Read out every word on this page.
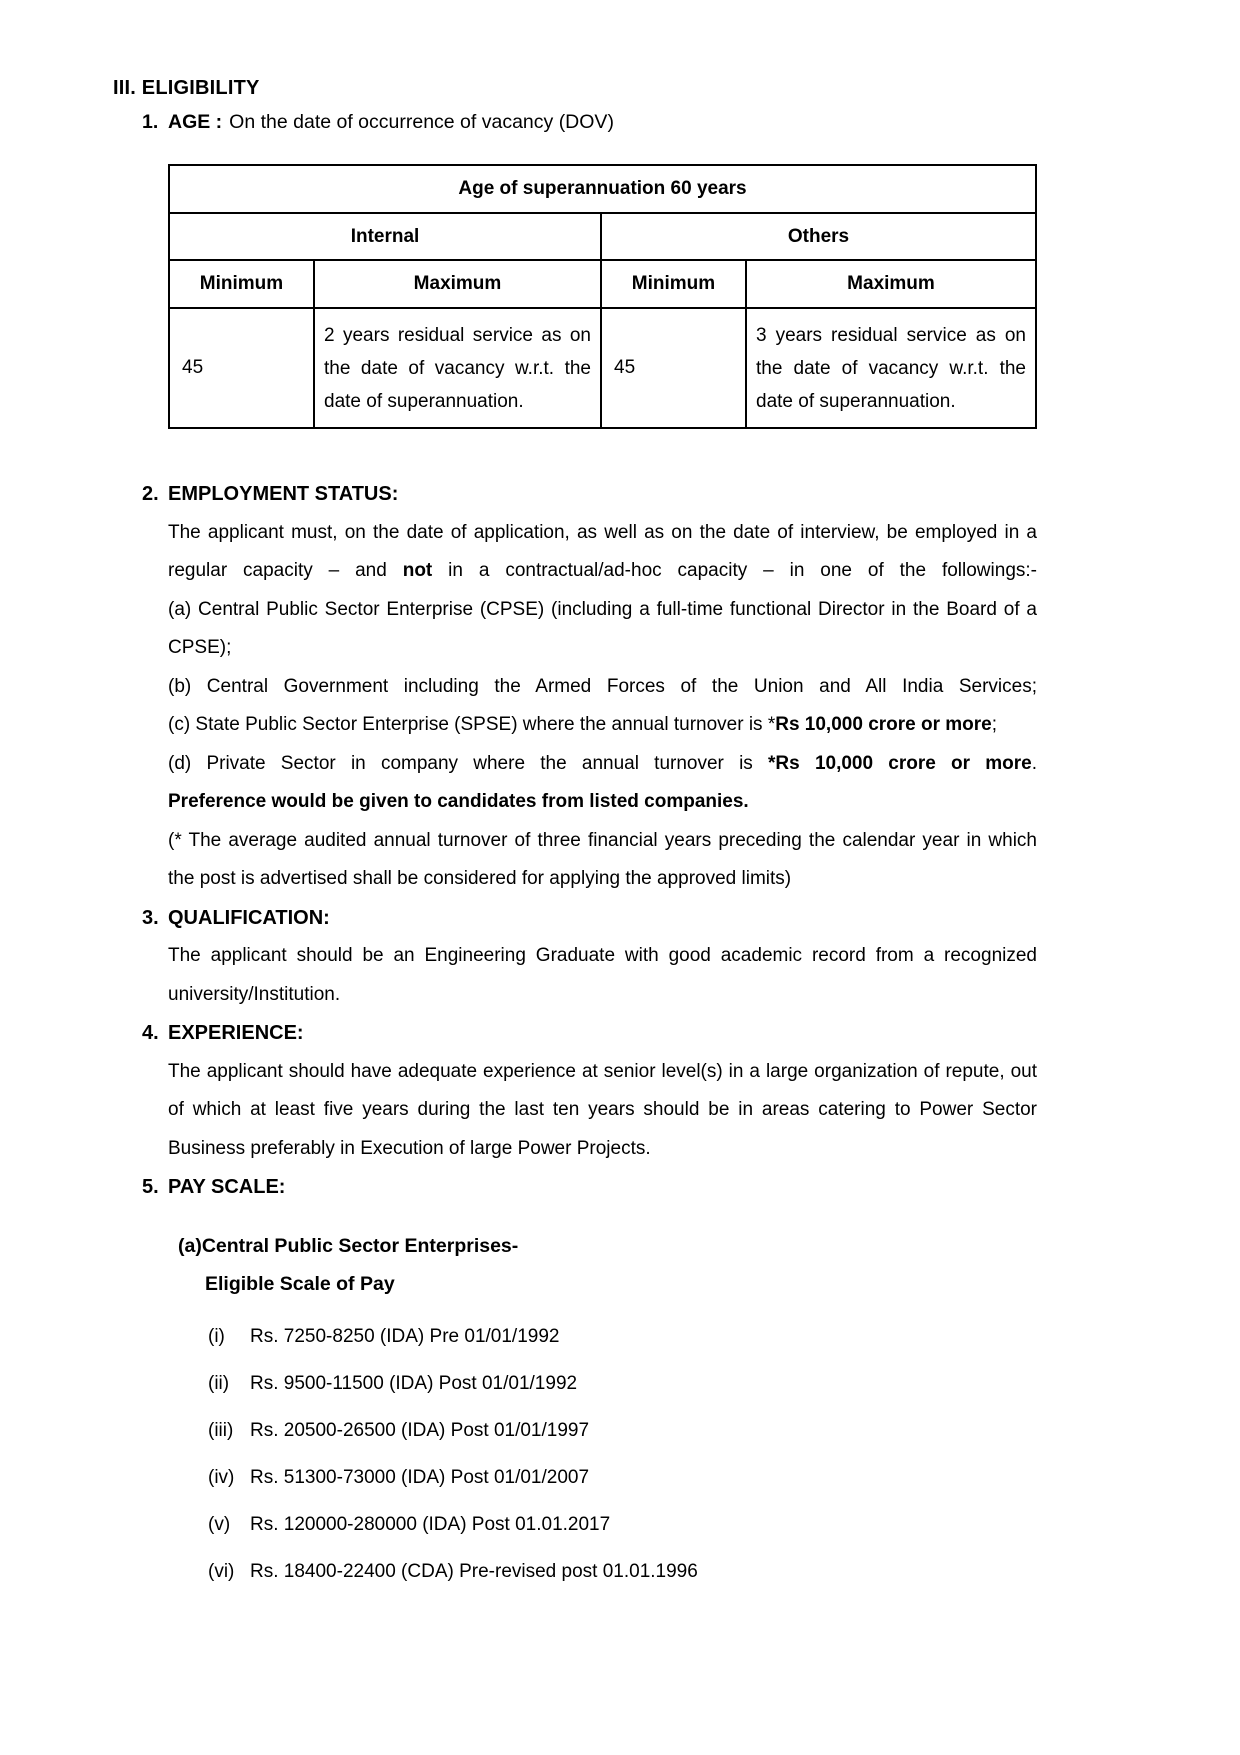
III. ELIGIBILITY
1. AGE : On the date of occurrence of vacancy (DOV)
Age of superannuation 60 years			
Internal		Others	
Minimum	Maximum	Minimum	Maximum
45	2 years residual service as on the date of vacancy w.r.t. the date of superannuation.	45	3 years residual service as on the date of vacancy w.r.t. the date of superannuation.
2. EMPLOYMENT STATUS:

The applicant must, on the date of application, as well as on the date of interview, be employed in a regular capacity – and not in a contractual/ad-hoc capacity – in one of the followings:-

(a) Central Public Sector Enterprise (CPSE) (including a full-time functional Director in the Board of a CPSE);

(b) Central Government including the Armed Forces of the Union and All India Services;

(c) State Public Sector Enterprise (SPSE) where the annual turnover is *Rs 10,000 crore or more;

(d) Private Sector in company where the annual turnover is *Rs 10,000 crore or more.

Preference would be given to candidates from listed companies.

(* The average audited annual turnover of three financial years preceding the calendar year in which the post is advertised shall be considered for applying the approved limits)

3. QUALIFICATION:

The applicant should be an Engineering Graduate with good academic record from a recognized university/Institution.

4. EXPERIENCE:

The applicant should have adequate experience at senior level(s) in a large organization of repute, out of which at least five years during the last ten years should be in areas catering to Power Sector Business preferably in Execution of large Power Projects.

5. PAY SCALE:
(a)Central Public Sector Enterprises-
Eligible Scale of Pay
(i)	Rs. 7250-8250 (IDA) Pre 01/01/1992
(ii)	Rs. 9500-11500 (IDA) Post 01/01/1992
(iii) Rs. 20500-26500 (IDA) Post 01/01/1997
(iv) Rs. 51300-73000 (IDA) Post 01/01/2007
(v)	Rs. 120000-280000 (IDA) Post 01.01.2017
(vi) Rs. 18400-22400 (CDA) Pre-revised post 01.01.1996
